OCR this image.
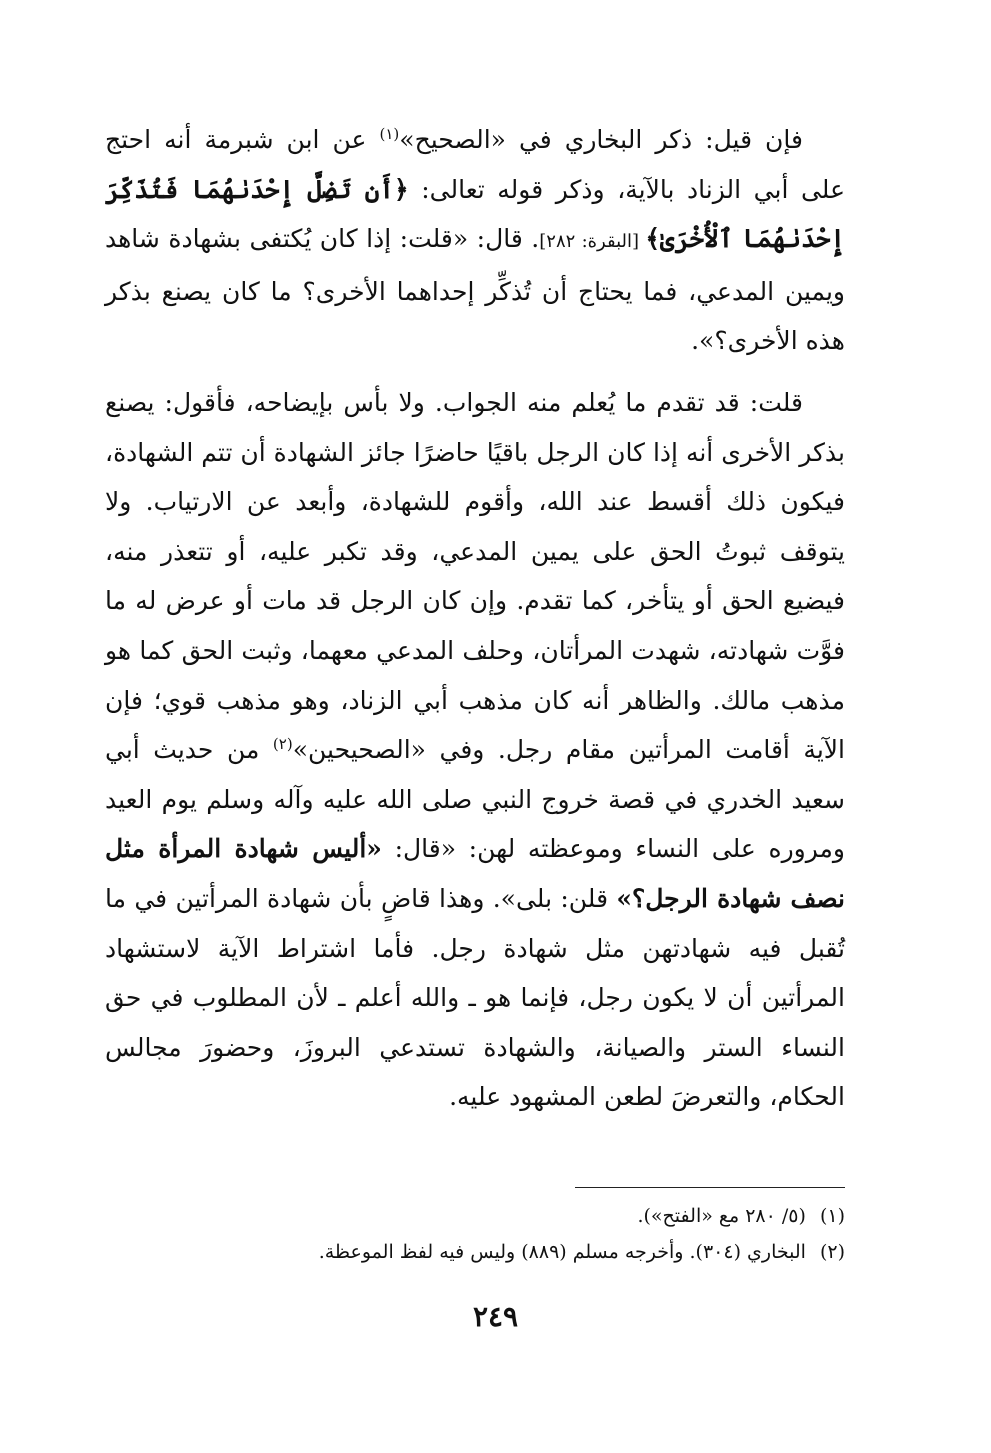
فإن قيل: ذكر البخاري في «الصحيح»$^{(١)}$ عن ابن شبرمة أنه احتج على أبي الزناد بالآية، وذكر قوله تعالى: ﴿أَن تَضِلَّ إِحْدَىٰهُمَا فَتُذَكِّرَ إِحْدَىٰهُمَا ٱلْأُخْرَىٰ﴾ [البقرة: ٢٨٢]. قال: «قلت: إذا كان يُكتفى بشهادة شاهد ويمين المدعي، فما يحتاج أن تُذكِّر إحداهما الأخرى؟ ما كان يصنع بذكر هذه الأخرى؟».

قلت: قد تقدم ما يُعلم منه الجواب. ولا بأس بإيضاحه، فأقول: يصنع بذكر الأخرى أنه إذا كان الرجل باقيًا حاضرًا جائز الشهادة أن تتم الشهادة، فيكون ذلك أقسط عند الله، وأقوم للشهادة، وأبعد عن الارتياب. ولا يتوقف ثبوتُ الحق على يمين المدعي، وقد تكبر عليه، أو تتعذر منه، فيضيع الحق أو يتأخر، كما تقدم. وإن كان الرجل قد مات أو عرض له ما فوَّت شهادته، شهدت المرأتان، وحلف المدعي معهما، وثبت الحق كما هو مذهب مالك. والظاهر أنه كان مذهب أبي الزناد، وهو مذهب قوي؛ فإن الآية أقامت المرأتين مقام رجل. وفي «الصحيحين»$^{(٢)}$ من حديث أبي سعيد الخدري في قصة خروج النبي صلى الله عليه وآله وسلم يوم العيد ومروره على النساء وموعظته لهن: «قال: «أليس شهادة المرأة مثل نصف شهادة الرجل؟» قلن: بلى». وهذا قاضٍ بأن شهادة المرأتين في ما تُقبل فيه شهادتهن مثل شهادة رجل. فأما اشتراط الآية لاستشهاد المرأتين أن لا يكون رجل، فإنما هو ـ والله أعلم ـ لأن المطلوب في حق النساء الستر والصيانة، والشهادة تستدعي البروزَ، وحضورَ مجالس الحكام، والتعرضَ لطعن المشهود عليه.

(١)(٥/ ٢٨٠ مع «الفتح»).

(٢)البخاري (٣٠٤). وأخرجه مسلم (٨٨٩) وليس فيه لفظ الموعظة.

٢٤٩
